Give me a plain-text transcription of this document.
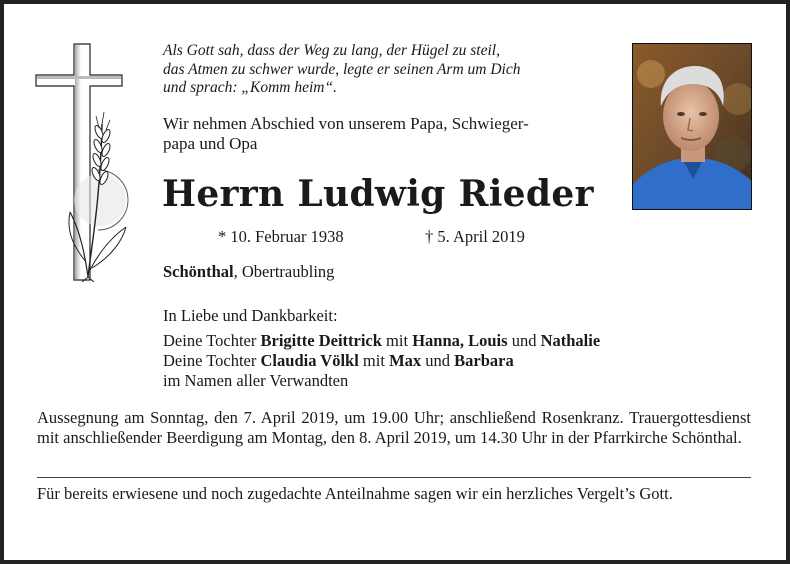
Als Gott sah, dass der Weg zu lang, der Hügel zu steil,
das Atmen zu schwer wurde, legte er seinen Arm um Dich
und sprach: „Komm heim“.
Wir nehmen Abschied von unserem Papa, Schwieger-
papa und Opa
Herrn Ludwig Rieder
* 10. Februar 1938	† 5. April 2019
Schönthal, Obertraubling
In Liebe und Dankbarkeit:
Deine Tochter Brigitte Deittrick mit Hanna, Louis und Nathalie
Deine Tochter Claudia Völkl mit Max und Barbara
im Namen aller Verwandten
Aussegnung am Sonntag, den 7. April 2019, um 19.00 Uhr; anschließend Rosenkranz. Trauergottesdienst mit anschließender Beerdigung am Montag, den 8. April 2019, um 14.30 Uhr in der Pfarrkirche Schönthal.
Für bereits erwiesene und noch zugedachte Anteilnahme sagen wir ein herzliches Vergelt’s Gott.
